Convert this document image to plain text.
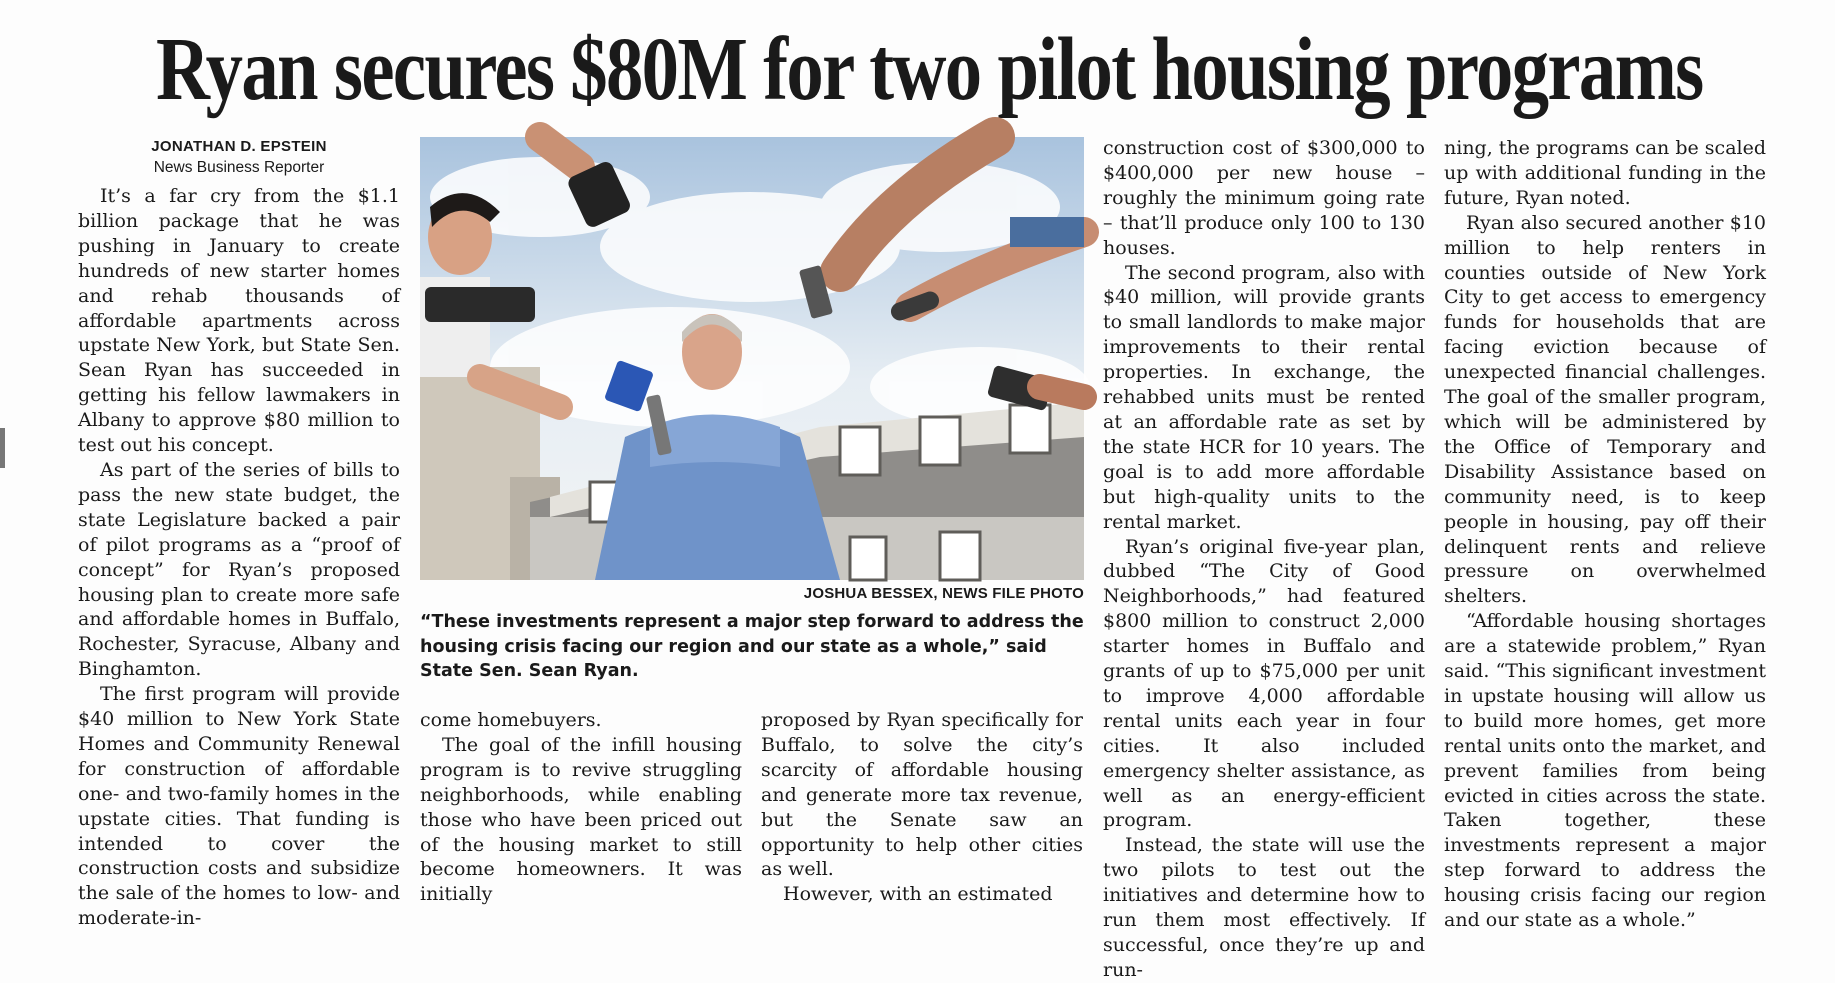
Ryan secures $80M for two pilot housing programs
JONATHAN D. EPSTEIN
News Business Reporter

It’s a far cry from the $1.1 billion package that he was pushing in January to create hundreds of new starter homes and rehab thousands of affordable apartments across upstate New York, but State Sen. Sean Ryan has succeeded in getting his fellow lawmakers in Albany to approve $80 million to test out his concept.

As part of the series of bills to pass the new state budget, the state Legislature backed a pair of pilot programs as a “proof of concept” for Ryan’s proposed housing plan to create more safe and affordable homes in Buffalo, Rochester, Syracuse, Albany and Binghamton.

The first program will provide $40 million to New York State Homes and Community Renewal for construction of affordable one- and two-family homes in the upstate cities. That funding is intended to cover the construction costs and subsidize the sale of the homes to low- and moderate-in-

JOSHUA BESSEX, NEWS FILE PHOTO
“These investments represent a major step forward to address the housing crisis facing our region and our state as a whole,” said State Sen. Sean Ryan.

come homebuyers.

The goal of the infill housing program is to revive struggling neighborhoods, while enabling those who have been priced out of the housing market to still become homeowners. It was initially

proposed by Ryan specifically for Buffalo, to solve the city’s scarcity of affordable housing and generate more tax revenue, but the Senate saw an opportunity to help other cities as well.

However, with an estimated

construction cost of $300,000 to $400,000 per new house – roughly the minimum going rate – that’ll produce only 100 to 130 houses.

The second program, also with $40 million, will provide grants to small landlords to make major improvements to their rental properties. In exchange, the rehabbed units must be rented at an affordable rate as set by the state HCR for 10 years. The goal is to add more affordable but high-quality units to the rental market.

Ryan’s original five-year plan, dubbed “The City of Good Neighborhoods,” had featured $800 million to construct 2,000 starter homes in Buffalo and grants of up to $75,000 per unit to improve 4,000 affordable rental units each year in four cities. It also included emergency shelter assistance, as well as an energy-efficient program.

Instead, the state will use the two pilots to test out the initiatives and determine how to run them most effectively. If successful, once they’re up and run-

ning, the programs can be scaled up with additional funding in the future, Ryan noted.

Ryan also secured another $10 million to help renters in counties outside of New York City to get access to emergency funds for households that are facing eviction because of unexpected financial challenges. The goal of the smaller program, which will be administered by the Office of Temporary and Disability Assistance based on community need, is to keep people in housing, pay off their delinquent rents and relieve pressure on overwhelmed shelters.

“Affordable housing shortages are a statewide problem,” Ryan said. “This significant investment in upstate housing will allow us to build more homes, get more rental units onto the market, and prevent families from being evicted in cities across the state. Taken together, these investments represent a major step forward to address the housing crisis facing our region and our state as a whole.”
